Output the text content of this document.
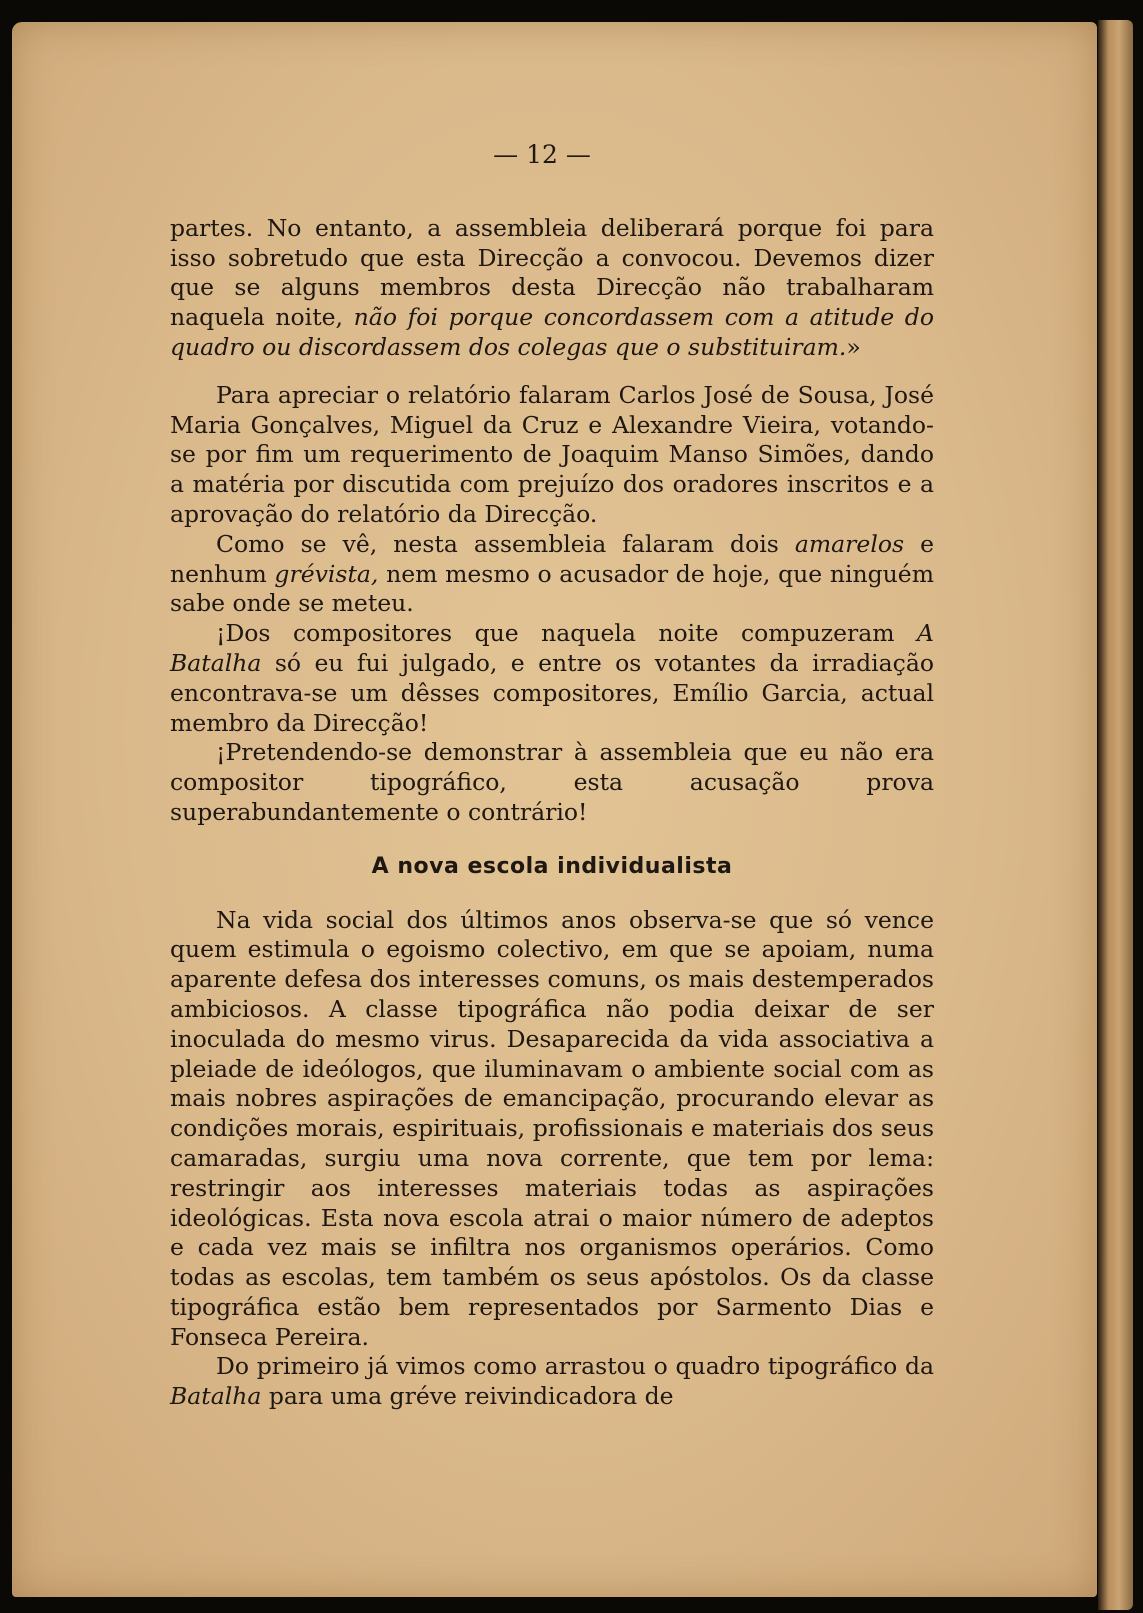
— 12 —

partes. No entanto, a assembleia deliberará porque foi para isso sobretudo que esta Direcção a convocou. Devemos dizer que se alguns membros desta Direcção não trabalharam naquela noite, não foi porque concordassem com a atitude do quadro ou discordassem dos colegas que o substituiram.»

Para apreciar o relatório falaram Carlos José de Sousa, José Maria Gonçalves, Miguel da Cruz e Alexandre Vieira, votando-se por fim um requerimento de Joaquim Manso Simões, dando a matéria por discutida com prejuízo dos oradores inscritos e a aprovação do relatório da Direcção.

Como se vê, nesta assembleia falaram dois amarelos e nenhum grévista, nem mesmo o acusador de hoje, que ninguém sabe onde se meteu.

¡Dos compositores que naquela noite compuzeram A Batalha só eu fui julgado, e entre os votantes da irradiação encontrava-se um dêsses compositores, Emílio Garcia, actual membro da Direcção!

¡Pretendendo-se demonstrar à assembleia que eu não era compositor tipográfico, esta acusação prova superabundantemente o contrário!

A nova escola individualista

Na vida social dos últimos anos observa-se que só vence quem estimula o egoismo colectivo, em que se apoiam, numa aparente defesa dos interesses comuns, os mais destemperados ambiciosos. A classe tipográfica não podia deixar de ser inoculada do mesmo virus. Desaparecida da vida associativa a pleiade de ideólogos, que iluminavam o ambiente social com as mais nobres aspirações de emancipação, procurando elevar as condições morais, espirituais, profissionais e materiais dos seus camaradas, surgiu uma nova corrente, que tem por lema: restringir aos interesses materiais todas as aspirações ideológicas. Esta nova escola atrai o maior número de adeptos e cada vez mais se infiltra nos organismos operários. Como todas as escolas, tem também os seus apóstolos. Os da classe tipográfica estão bem representados por Sarmento Dias e Fonseca Pereira.

Do primeiro já vimos como arrastou o quadro tipográfico da Batalha para uma gréve reivindicadora de
